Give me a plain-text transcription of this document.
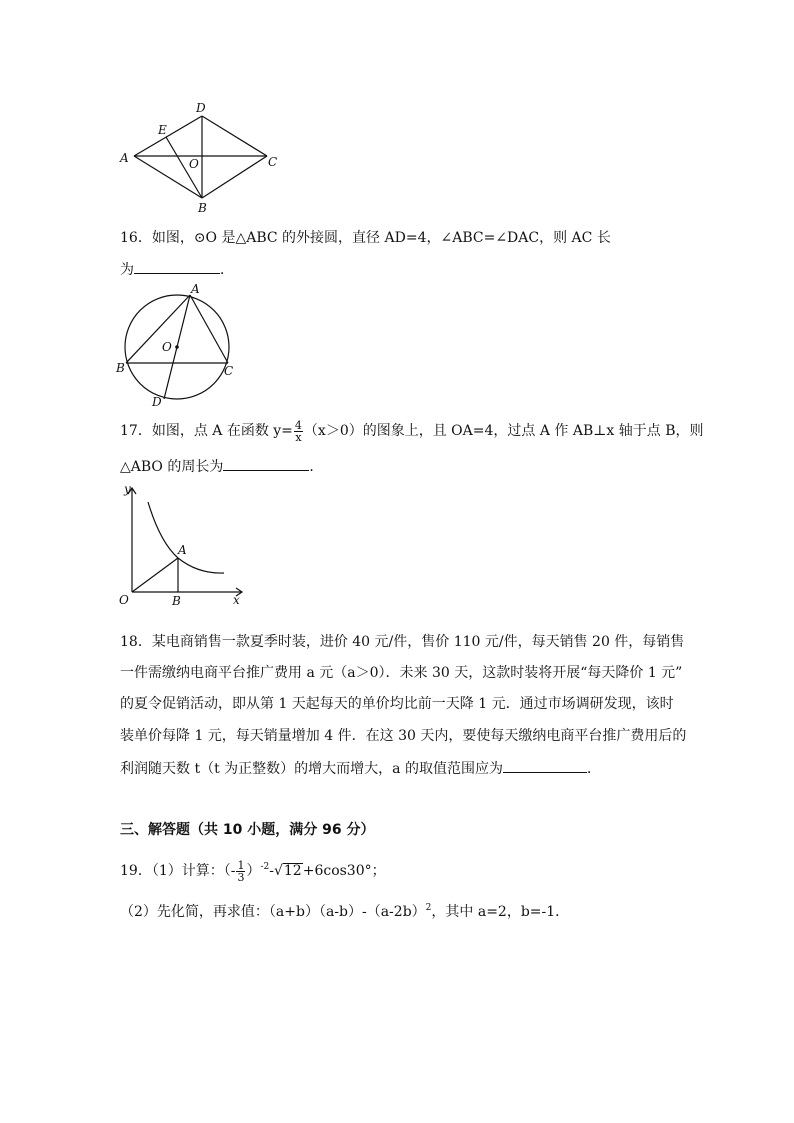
D
E
A	O	C
B
16．如图，⊙O 是△ABC 的外接圆，直径 AD=4，∠ABC=∠DAC，则 AC 长
为	．
A
O
B	C
D
17．如图，点 A 在函数 $y= \frac{4}{x} (x>0)$的图象上，且 OA=4，过点 A 作 AB⊥x 轴于点 B，则
△ABO 的周长为	．
y
A
O	B	x
18．某电商销售一款夏季时装，进价 40 元/件，售价 110 元/件，每天销售 20 件，每销售
一件需缴纳电商平台推广费用 a 元（a＞0）．未来 30 天，这款时装将开展“每天降价 1 元”
的夏令促销活动，即从第 1 天起每天的单价均比前一天降 1 元．通过市场调研发现，该时
装单价每降 1 元，每天销量增加 4 件．在这 30 天内，要使每天缴纳电商平台推广费用后的
利润随天数 t（t 为正整数）的增大而增大，a 的取值范围应为	．
三、解答题（共 10 小题，满分 96 分）
19．（1）计算：（- $\frac{1}{3} )^{-2}-√12+6\cos 30^\circ$；
（2）先化简，再求值：$(a+b)(a-b)-(a-2b)^2$，其中 a=2，b=-1．
